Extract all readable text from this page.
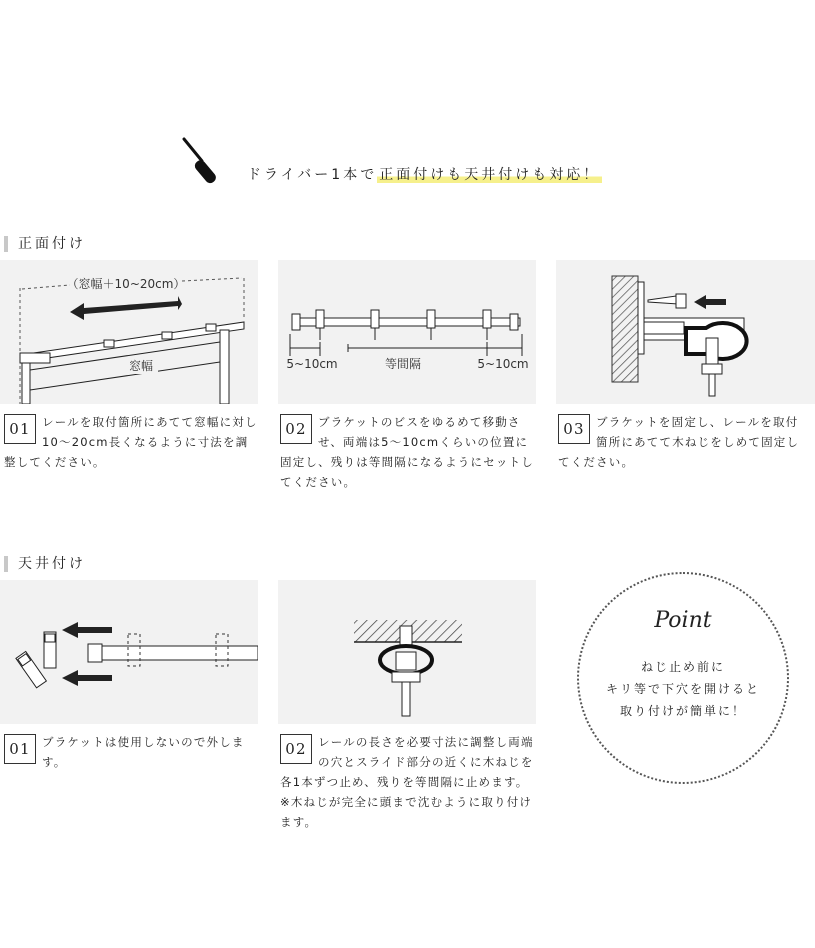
ドライバー1本で 正面付けも天井付けも対応！
正面付け
（窓幅＋10~20cm）
窓幅	5~10cm	等間隔	5~10cm
01 レールを取付箇所にあてて窓幅に対し10～20cm長くなるように寸法を調整してください。
02 ブラケットのビスをゆるめて移動させ、両端は5～10cmくらいの位置に固定し、残りは等間隔になるようにセットしてください。
03 ブラケットを固定し、レールを取付箇所にあてて木ねじをしめて固定してください。
天井付け
01 ブラケットは使用しないので外します。
02 レールの長さを必要寸法に調整し両端の穴とスライド部分の近くに木ねじを各1本ずつ止め、残りを等間隔に止めます。※木ねじが完全に頭まで沈むように取り付けます。
Point
ねじ止め前に
キリ等で下穴を開けると
取り付けが簡単に！
